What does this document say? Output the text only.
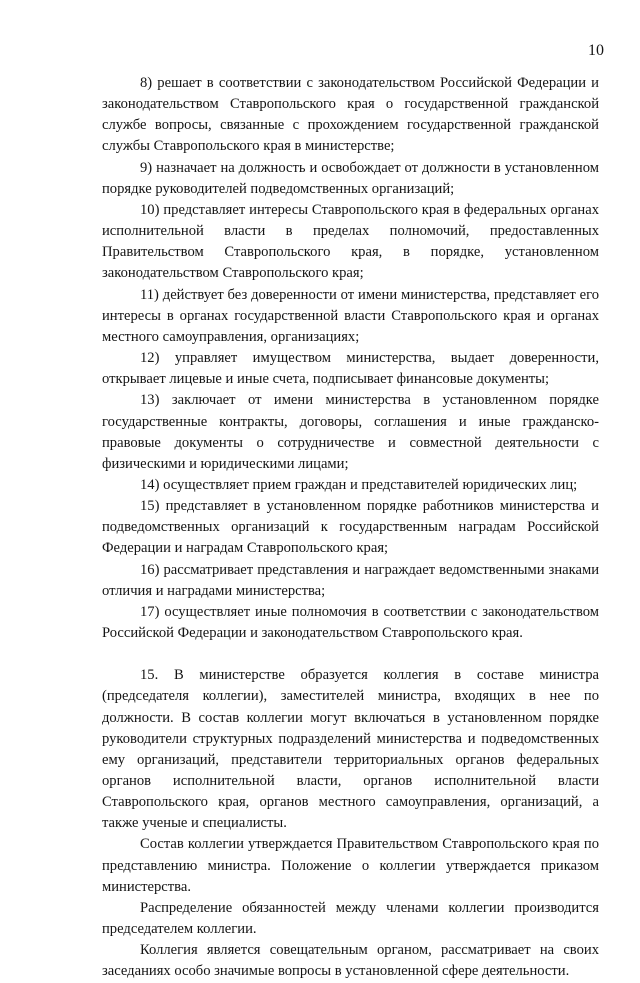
10

8) решает в соответствии с законодательством Российской Федерации и законодательством Ставропольского края о государственной гражданской службе вопросы, связанные с прохождением государственной гражданской службы Ставропольского края в министерстве;

9) назначает на должность и освобождает от должности в установленном порядке руководителей подведомственных организаций;

10) представляет интересы Ставропольского края в федеральных органах исполнительной власти в пределах полномочий, предоставленных Правительством Ставропольского края, в порядке, установленном законодательством Ставропольского края;

11) действует без доверенности от имени министерства, представляет его интересы в органах государственной власти Ставропольского края и органах местного самоуправления, организациях;

12) управляет имуществом министерства, выдает доверенности, открывает лицевые и иные счета, подписывает финансовые документы;

13) заключает от имени министерства в установленном порядке государственные контракты, договоры, соглашения и иные гражданско-правовые документы о сотрудничестве и совместной деятельности с физическими и юридическими лицами;

14) осуществляет прием граждан и представителей юридических лиц;

15) представляет в установленном порядке работников министерства и подведомственных организаций к государственным наградам Российской Федерации и наградам Ставропольского края;

16) рассматривает представления и награждает ведомственными знаками отличия и наградами министерства;

17) осуществляет иные полномочия в соответствии с законодательством Российской Федерации и законодательством Ставропольского края.

15. В министерстве образуется коллегия в составе министра (председателя коллегии), заместителей министра, входящих в нее по должности. В состав коллегии могут включаться в установленном порядке руководители структурных подразделений министерства и подведомственных ему организаций, представители территориальных органов федеральных органов исполнительной власти, органов исполнительной власти Ставропольского края, органов местного самоуправления, организаций, а также ученые и специалисты.

Состав коллегии утверждается Правительством Ставропольского края по представлению министра. Положение о коллегии утверждается приказом министерства.

Распределение обязанностей между членами коллегии производится председателем коллегии.

Коллегия является совещательным органом, рассматривает на своих заседаниях особо значимые вопросы в установленной сфере деятельности.
